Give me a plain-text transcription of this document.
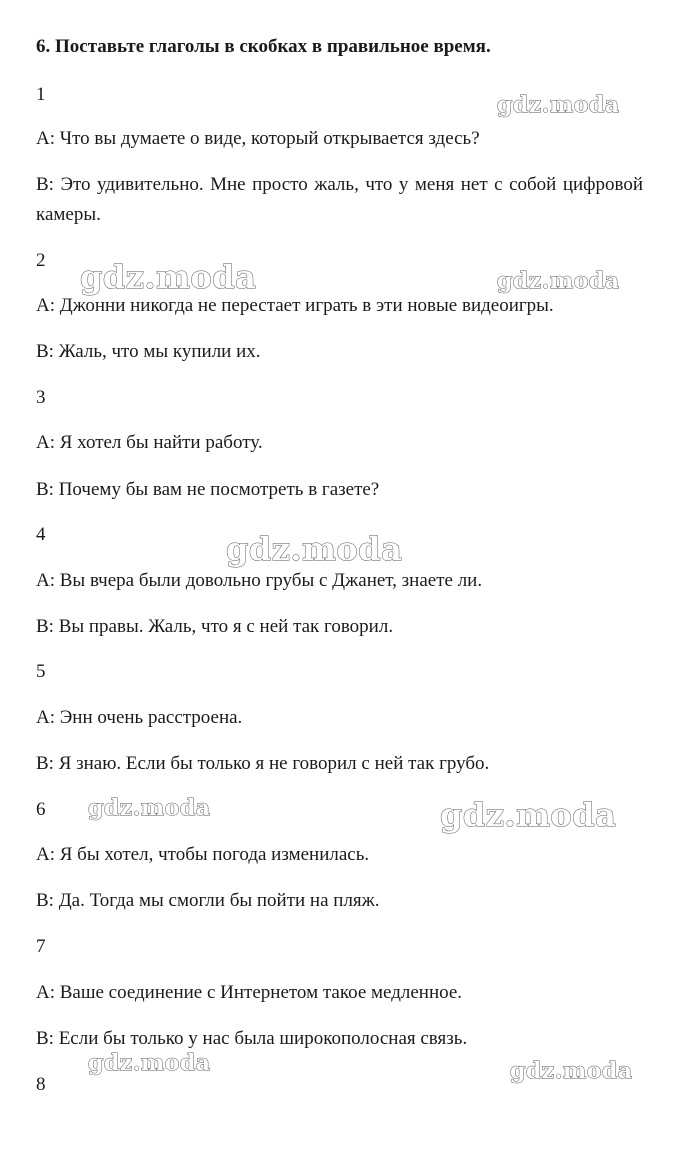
6. Поставьте глаголы в скобках в правильное время.
1
A: Что вы думаете о виде, который открывается здесь?
B: Это удивительно. Мне просто жаль, что у меня нет с собой цифровой камеры.
2
A: Джонни никогда не перестает играть в эти новые видеоигры.
B: Жаль, что мы купили их.
3
A: Я хотел бы найти работу.
B: Почему бы вам не посмотреть в газете?
4
A: Вы вчера были довольно грубы с Джанет, знаете ли.
B: Вы правы. Жаль, что я с ней так говорил.
5
A: Энн очень расстроена.
B: Я знаю. Если бы только я не говорил с ней так грубо.
6
A: Я бы хотел, чтобы погода изменилась.
B: Да. Тогда мы смогли бы пойти на пляж.
7
A: Ваше соединение с Интернетом такое медленное.
B: Если бы только у нас была широкополосная связь.
8
gdz.moda
gdz.moda	gdz.moda
gdz.moda
gdz.moda	gdz.moda
gdz.moda	gdz.moda
